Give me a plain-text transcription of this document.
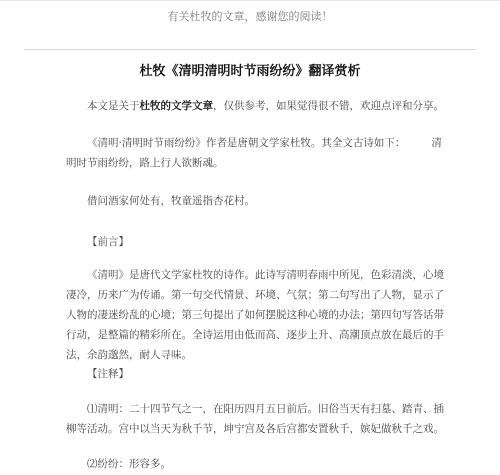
有关杜牧的文章，感谢您的阅读！
杜牧《清明清明时节雨纷纷》翻译赏析

本文是关于杜牧的文学文章，仅供参考，如果觉得很不错，欢迎点评和分享。

《清明·清明时节雨纷纷》作者是唐朝文学家杜牧。其全文古诗如下： 清明时节雨纷纷，路上行人欲断魂。

借问酒家何处有，牧童遥指杏花村。

【前言】

《清明》是唐代文学家杜牧的诗作。此诗写清明春雨中所见，色彩清淡，心境凄冷，历来广为传诵。第一句交代情景、环境、气氛；第二句写出了人物，显示了人物的凄迷纷乱的心境；第三句提出了如何摆脱这种心境的办法；第四句写答话带行动，是整篇的精彩所在。全诗运用由低而高、逐步上升、高潮顶点放在最后的手法，余韵邈然，耐人寻味。

【注释】

⑴清明：二十四节气之一，在阳历四月五日前后。旧俗当天有扫墓、踏青、插柳等活动。宫中以当天为秋千节，坤宁宫及各后宫都安置秋千，嫔妃做秋千之戏。

⑵纷纷：形容多。
